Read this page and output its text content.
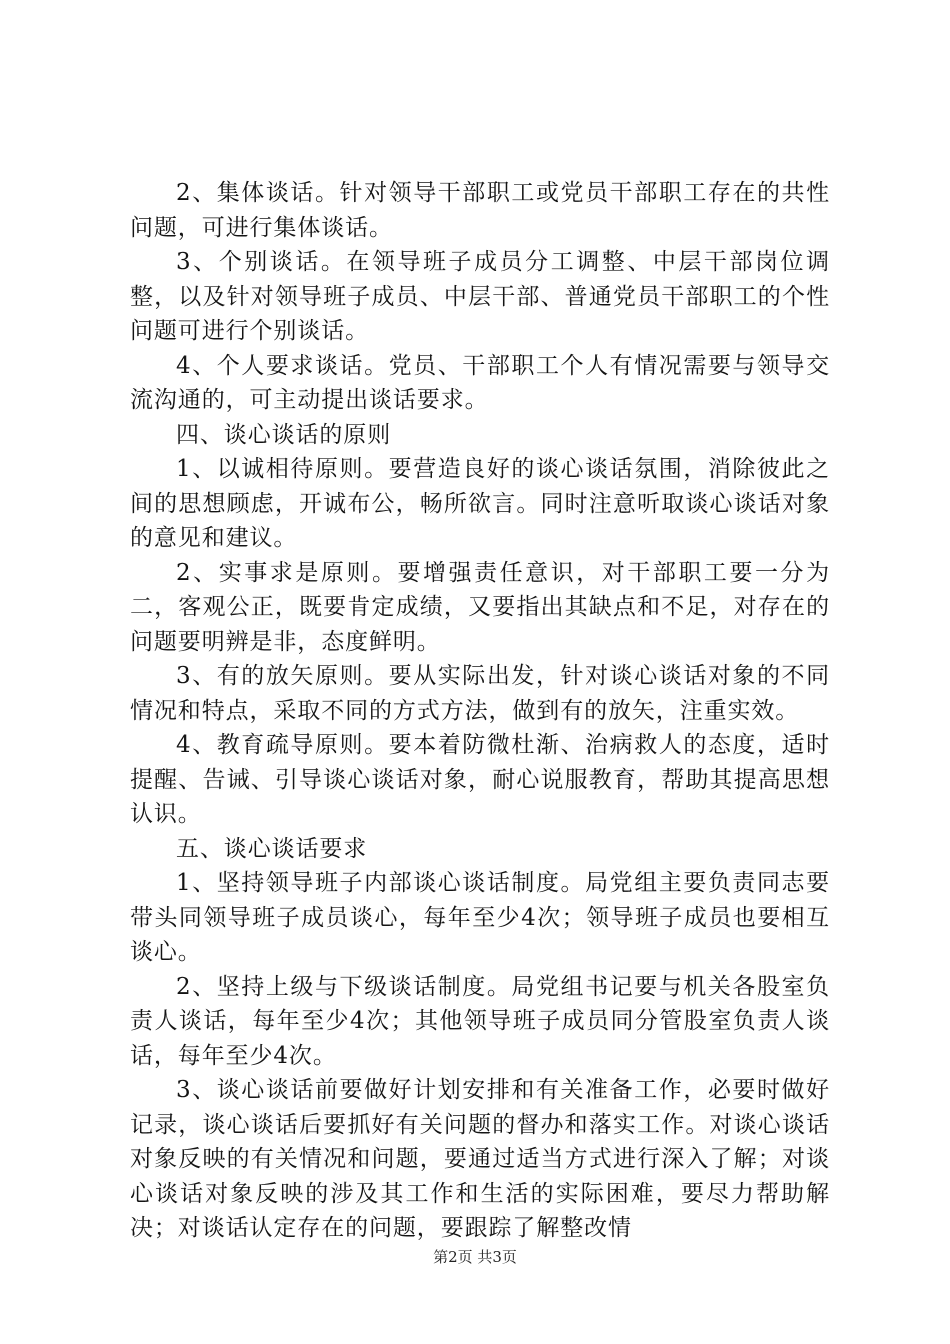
2、集体谈话。针对领导干部职工或党员干部职工存在的共性问题，可进行集体谈话。

3、个别谈话。在领导班子成员分工调整、中层干部岗位调整，以及针对领导班子成员、中层干部、普通党员干部职工的个性问题可进行个别谈话。

4、个人要求谈话。党员、干部职工个人有情况需要与领导交流沟通的，可主动提出谈话要求。

四、谈心谈话的原则

1、以诚相待原则。要营造良好的谈心谈话氛围，消除彼此之间的思想顾虑，开诚布公，畅所欲言。同时注意听取谈心谈话对象的意见和建议。

2、实事求是原则。要增强责任意识，对干部职工要一分为二，客观公正，既要肯定成绩，又要指出其缺点和不足，对存在的问题要明辨是非，态度鲜明。

3、有的放矢原则。要从实际出发，针对谈心谈话对象的不同情况和特点，采取不同的方式方法，做到有的放矢，注重实效。

4、教育疏导原则。要本着防微杜渐、治病救人的态度，适时提醒、告诫、引导谈心谈话对象，耐心说服教育，帮助其提高思想认识。

五、谈心谈话要求

1、坚持领导班子内部谈心谈话制度。局党组主要负责同志要带头同领导班子成员谈心，每年至少4次；领导班子成员也要相互谈心。

2、坚持上级与下级谈话制度。局党组书记要与机关各股室负责人谈话，每年至少4次；其他领导班子成员同分管股室负责人谈话，每年至少4次。

3、谈心谈话前要做好计划安排和有关准备工作，必要时做好记录，谈心谈话后要抓好有关问题的督办和落实工作。对谈心谈话对象反映的有关情况和问题，要通过适当方式进行深入了解；对谈心谈话对象反映的涉及其工作和生活的实际困难，要尽力帮助解决；对谈话认定存在的问题，要跟踪了解整改情

第2页 共3页
